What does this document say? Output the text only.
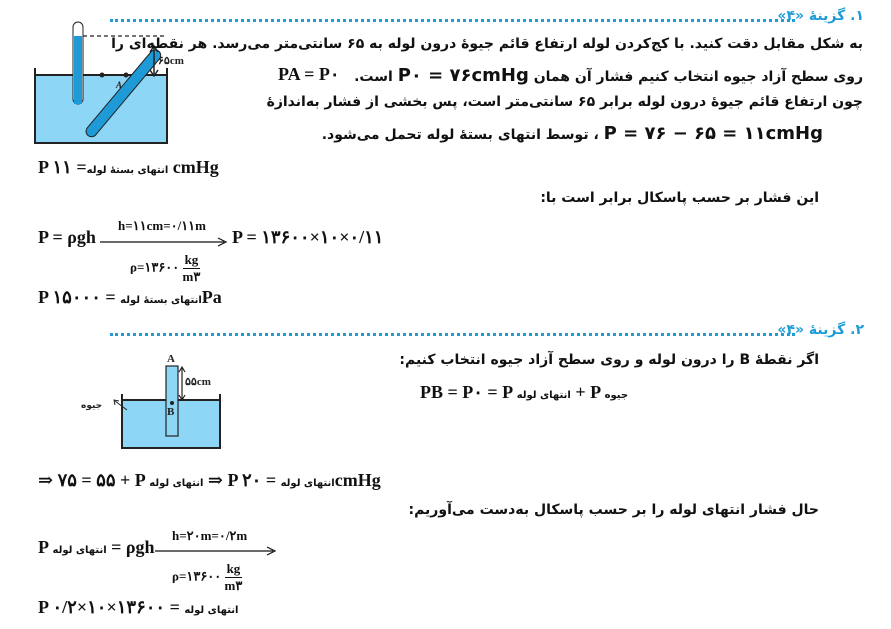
۱. گزینهٔ «۴»
A
۶۵cm
به شکل مقابل دقت کنید. با کج‌کردن لوله ارتفاع قائم جیوهٔ درون لوله به ۶۵ سانتی‌متر می‌رسد. هر نقطه‌ای را
روی سطح آزاد جیوه انتخاب کنیم فشار آن همان P۰ = ۷۶cmHg است.
PA = P۰
چون ارتفاع قائم جیوهٔ درون لوله برابر ۶۵ سانتی‌متر است، پس بخشی از فشار به‌اندازهٔ
P = ۷۶ − ۶۵ = ۱۱cmHg ، توسط انتهای بستهٔ لوله تحمل می‌شود.
P	انتهای بستهٔ لوله= ۱۱ cmHg
این فشار بر حسب پاسکال برابر است با:
P = ρgh
h=۱۱cm=۰/۱۱m
ρ=۱۳۶۰۰ $\frac{kg}{m۳}$
P = ۱۳۶۰۰×۱۰×۰/۱۱
P	انتهای بستهٔ لوله = ۱۵۰۰۰Pa
۲. گزینهٔ «۴»
A
B
۵۵cm
جیوه
اگر نقطهٔ B را درون لوله و روی سطح آزاد جیوه انتخاب کنیم:
PB = P۰ = P انتهای لوله + P جیوه
⇒ ۷۵ = ۵۵ + P انتهای لوله ⇒ P	انتهای لوله = ۲۰cmHg
حال فشار انتهای لوله را بر حسب پاسکال به‌دست می‌آوریم:
P انتهای لوله = ρgh
h=۲۰m=۰/۲m
ρ=۱۳۶۰۰ $\frac{kg}{m۳}$
P	انتهای لوله = ۱۳۶۰۰×۱۰×۰/۲
